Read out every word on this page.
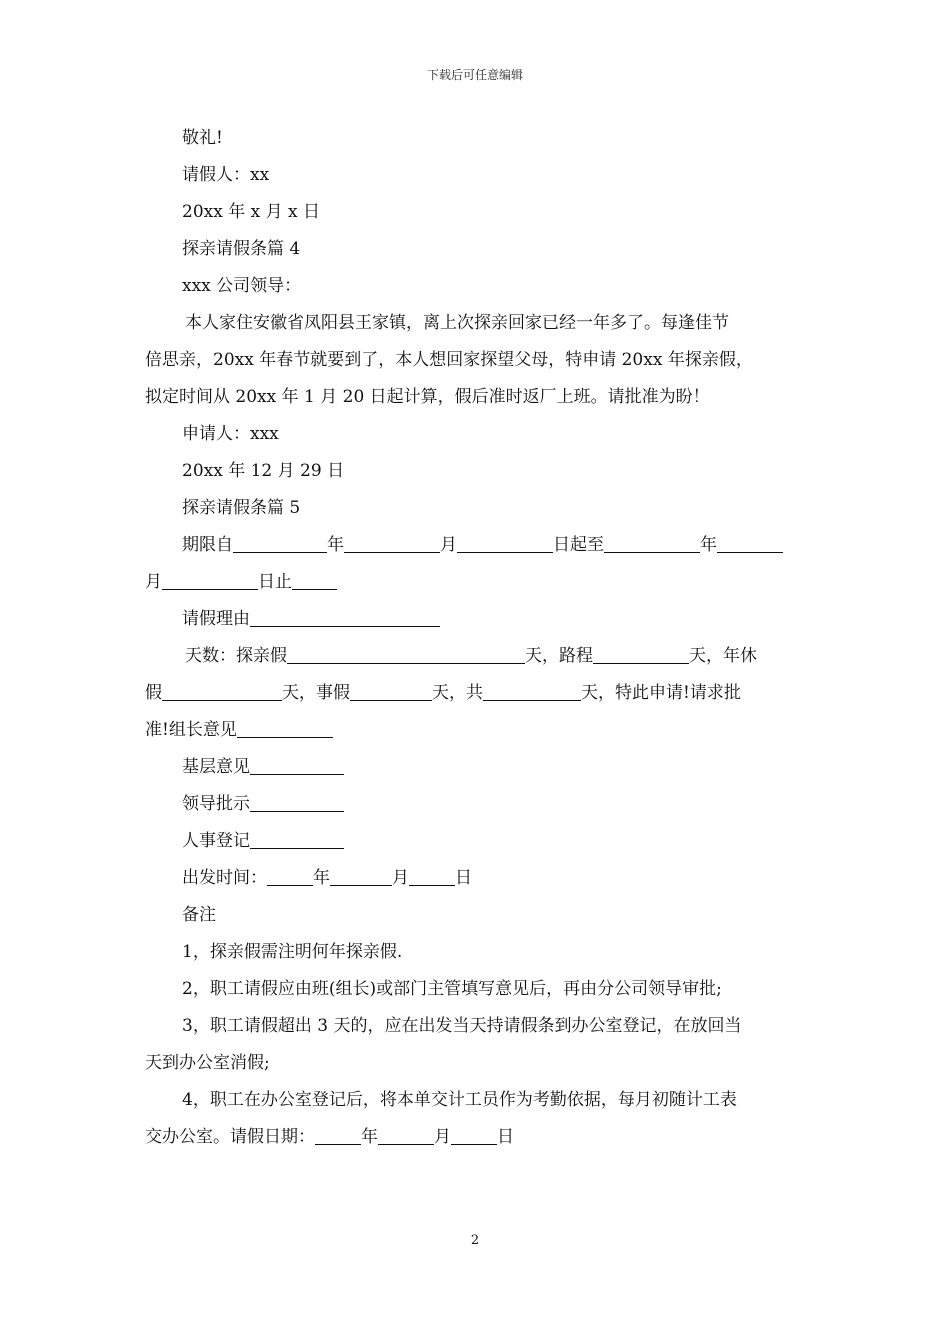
下载后可任意编辑
敬礼!
请假人：xx
20xx 年 x 月 x 日
探亲请假条篇 4
xxx 公司领导：
本人家住安徽省凤阳县王家镇，离上次探亲回家已经一年多了。每逢佳节
倍思亲，20xx 年春节就要到了，本人想回家探望父母，特申请 20xx 年探亲假，
拟定时间从 20xx 年 1 月 20 日起计算，假后准时返厂上班。请批准为盼！
申请人：xxx
20xx 年 12 月 29 日
探亲请假条篇 5
期限自	年	月	日起至	年
月	日止
请假理由
天数：探亲假	天，路程	天，年休
假	天，事假	天，共	天，特此申请!请求批
准!组长意见
基层意见
领导批示
人事登记
出发时间：	年	月	日
备注
1，探亲假需注明何年探亲假.
2，职工请假应由班(组长)或部门主管填写意见后，再由分公司领导审批;
3，职工请假超出 3 天的，应在出发当天持请假条到办公室登记，在放回当
天到办公室消假;
4，职工在办公室登记后，将本单交计工员作为考勤依据，每月初随计工表
交办公室。请假日期：	年	月	日
2
